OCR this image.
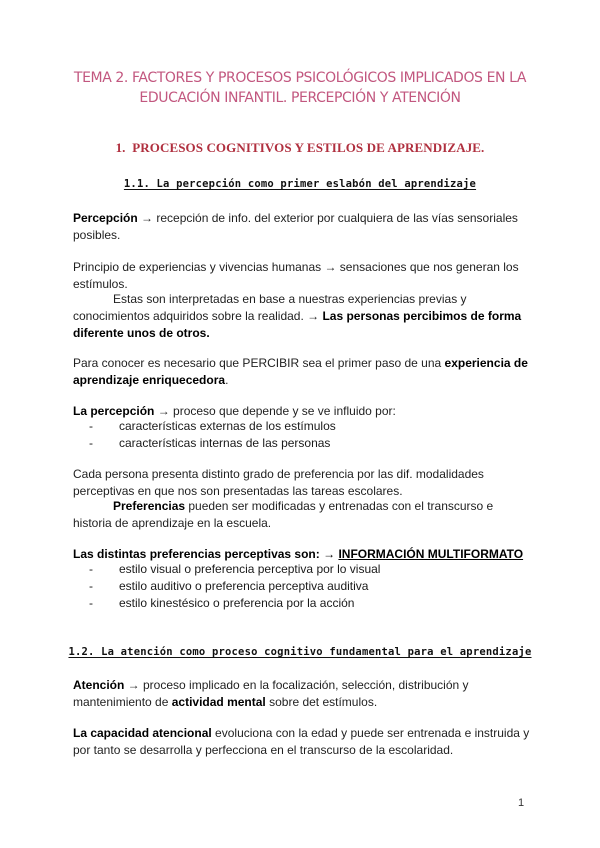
TEMA 2. FACTORES Y PROCESOS PSICOLÓGICOS IMPLICADOS EN LA
EDUCACIÓN INFANTIL. PERCEPCIÓN Y ATENCIÓN
1. PROCESOS COGNITIVOS Y ESTILOS DE APRENDIZAJE.
1.1. La percepción como primer eslabón del aprendizaje
Percepción → recepción de info. del exterior por cualquiera de las vías sensoriales posibles.
Principio de experiencias y vivencias humanas → sensaciones que nos generan los estímulos.
Estas son interpretadas en base a nuestras experiencias previas y conocimientos adquiridos sobre la realidad. → Las personas percibimos de forma diferente unos de otros.
Para conocer es necesario que PERCIBIR sea el primer paso de una experiencia de aprendizaje enriquecedora.
La percepción → proceso que depende y se ve influido por:
-	características externas de los estímulos
-	características internas de las personas
Cada persona presenta distinto grado de preferencia por las dif. modalidades perceptivas en que nos son presentadas las tareas escolares.
Preferencias pueden ser modificadas y entrenadas con el transcurso e historia de aprendizaje en la escuela.
Las distintas preferencias perceptivas son: → INFORMACIÓN MULTIFORMATO
-	estilo visual o preferencia perceptiva por lo visual
-	estilo auditivo o preferencia perceptiva auditiva
-	estilo kinestésico o preferencia por la acción
1.2. La atención como proceso cognitivo fundamental para el aprendizaje
Atención → proceso implicado en la focalización, selección, distribución y mantenimiento de actividad mental sobre det estímulos.
La capacidad atencional evoluciona con la edad y puede ser entrenada e instruida y por tanto se desarrolla y perfecciona en el transcurso de la escolaridad.
1
